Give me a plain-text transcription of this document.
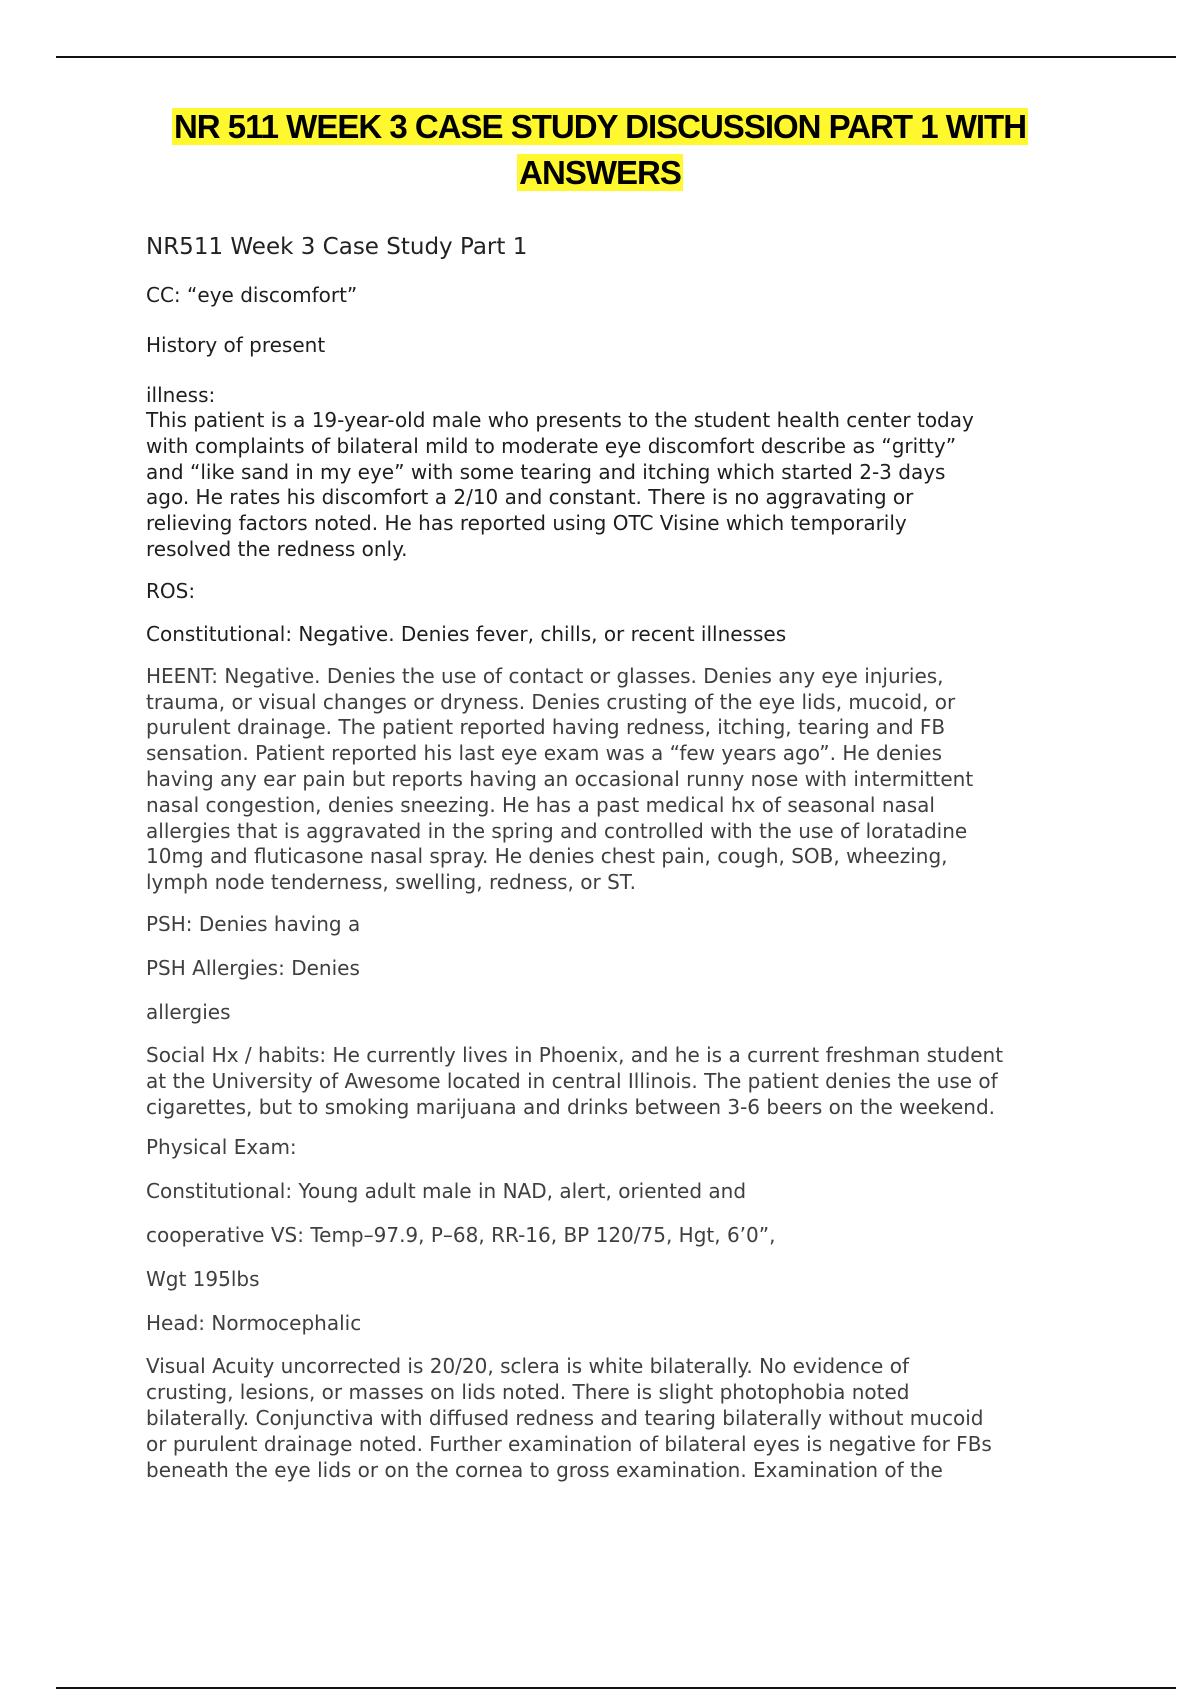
NR 511 WEEK 3 CASE STUDY DISCUSSION PART 1 WITH
ANSWERS

NR511 Week 3 Case Study Part 1

CC: “eye discomfort”

History of present

illness:

This patient is a 19-year-old male who presents to the student health center today

with complaints of bilateral mild to moderate eye discomfort describe as “gritty”

and “like sand in my eye” with some tearing and itching which started 2-3 days

ago. He rates his discomfort a 2/10 and constant. There is no aggravating or

relieving factors noted. He has reported using OTC Visine which temporarily

resolved the redness only.

ROS:

Constitutional: Negative. Denies fever, chills, or recent illnesses

HEENT: Negative. Denies the use of contact or glasses. Denies any eye injuries,

trauma, or visual changes or dryness. Denies crusting of the eye lids, mucoid, or

purulent drainage. The patient reported having redness, itching, tearing and FB

sensation. Patient reported his last eye exam was a “few years ago”. He denies

having any ear pain but reports having an occasional runny nose with intermittent

nasal congestion, denies sneezing. He has a past medical hx of seasonal nasal

allergies that is aggravated in the spring and controlled with the use of loratadine

10mg and fluticasone nasal spray. He denies chest pain, cough, SOB, wheezing,

lymph node tenderness, swelling, redness, or ST.

PSH: Denies having a

PSH Allergies: Denies

allergies

Social Hx / habits: He currently lives in Phoenix, and he is a current freshman student

at the University of Awesome located in central Illinois. The patient denies the use of

cigarettes, but to smoking marijuana and drinks between 3-6 beers on the weekend.

Physical Exam:

Constitutional: Young adult male in NAD, alert, oriented and

cooperative VS: Temp–97.9, P–68, RR-16, BP 120/75, Hgt, 6’0”,

Wgt 195lbs

Head: Normocephalic

Visual Acuity uncorrected is 20/20, sclera is white bilaterally. No evidence of

crusting, lesions, or masses on lids noted. There is slight photophobia noted

bilaterally. Conjunctiva with diffused redness and tearing bilaterally without mucoid

or purulent drainage noted. Further examination of bilateral eyes is negative for FBs

beneath the eye lids or on the cornea to gross examination. Examination of the
